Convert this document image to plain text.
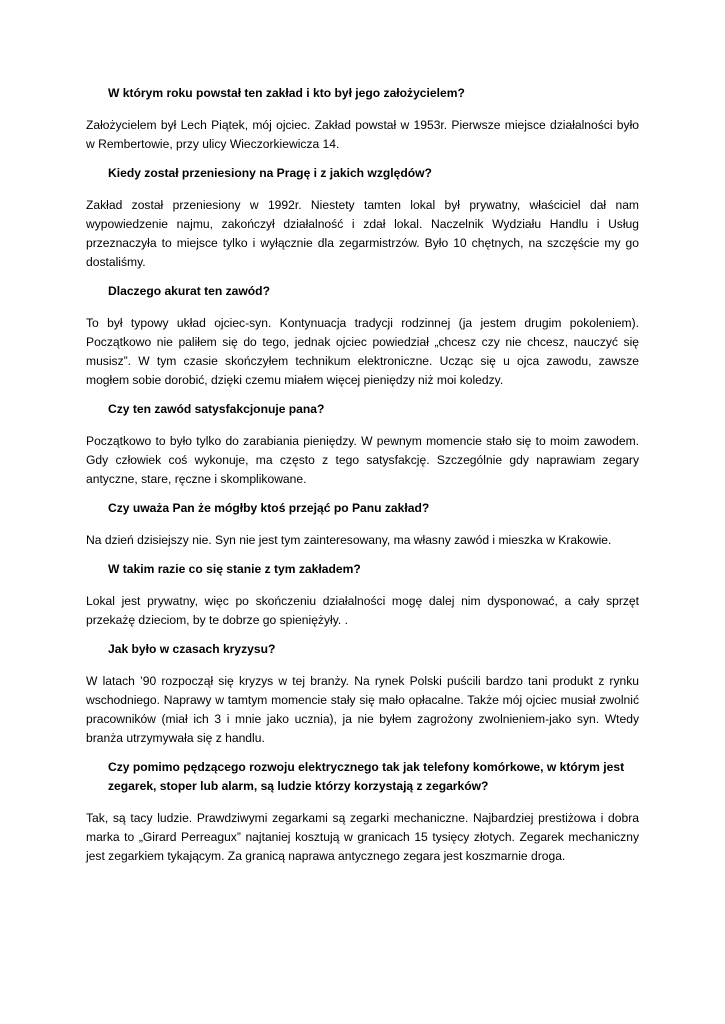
W którym roku powstał ten zakład i kto był jego założycielem?

Założycielem był Lech Piątek, mój ojciec. Zakład powstał w 1953r. Pierwsze miejsce działalności było w Rembertowie, przy ulicy Wieczorkiewicza 14.

Kiedy został przeniesiony na Pragę i z jakich względów?

Zakład został przeniesiony w 1992r. Niestety tamten lokal był prywatny, właściciel dał nam wypowiedzenie najmu, zakończył działalność i zdał lokal. Naczelnik Wydziału Handlu i Usług przeznaczyła to miejsce tylko i wyłącznie dla zegarmistrzów. Było 10 chętnych, na szczęście my go dostaliśmy.

Dlaczego akurat ten zawód?

To był typowy układ ojciec-syn. Kontynuacja tradycji rodzinnej (ja jestem drugim pokoleniem). Początkowo nie paliłem się do tego, jednak ojciec powiedział „chcesz czy nie chcesz, nauczyć się musisz”. W tym czasie skończyłem technikum elektroniczne. Ucząc się u ojca zawodu, zawsze mogłem sobie dorobić, dzięki czemu miałem więcej pieniędzy niż moi koledzy.

Czy ten zawód satysfakcjonuje pana?

Początkowo to było tylko do zarabiania pieniędzy. W pewnym momencie stało się to moim zawodem. Gdy człowiek coś wykonuje, ma często z tego satysfakcję. Szczególnie gdy naprawiam zegary antyczne, stare, ręczne i skomplikowane.

Czy uważa Pan że mógłby ktoś przejąć po Panu zakład?

Na dzień dzisiejszy nie. Syn nie jest tym zainteresowany, ma własny zawód i mieszka w Krakowie.

W takim razie co się stanie z tym zakładem?

Lokal jest prywatny, więc po skończeniu działalności mogę dalej nim dysponować, a cały sprzęt przekażę dzieciom, by te dobrze go spieniężyły. .

Jak było w czasach kryzysu?

W latach ’90 rozpoczął się kryzys w tej branży. Na rynek Polski puścili bardzo tani produkt z rynku wschodniego. Naprawy w tamtym momencie stały się mało opłacalne. Także mój ojciec musiał zwolnić pracowników (miał ich 3 i mnie jako ucznia), ja nie byłem zagrożony zwolnieniem-jako syn. Wtedy branża utrzymywała się z handlu.

Czy pomimo pędzącego rozwoju elektrycznego tak jak telefony komórkowe, w którym jest zegarek, stoper lub alarm, są ludzie którzy korzystają z zegarków?

Tak, są tacy ludzie. Prawdziwymi zegarkami są zegarki mechaniczne. Najbardziej prestiżowa i dobra marka to „Girard Perreagux” najtaniej kosztują w granicach 15 tysięcy złotych. Zegarek mechaniczny jest zegarkiem tykającym. Za granicą naprawa antycznego zegara jest koszmarnie droga.
